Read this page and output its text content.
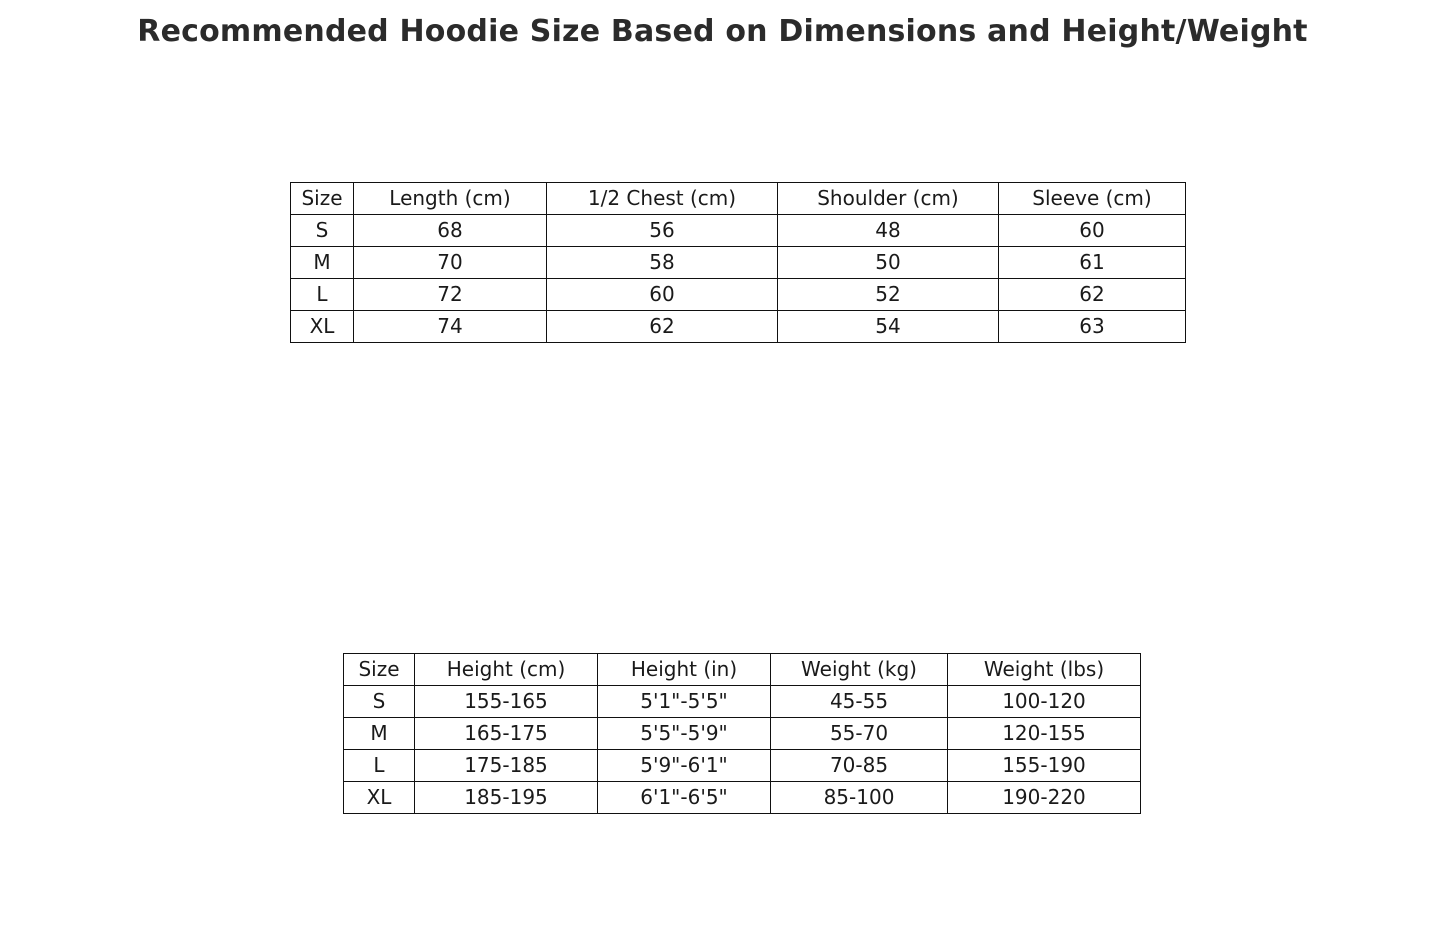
Recommended Hoodie Size Based on Dimensions and Height/Weight
Size	Length (cm)	1/2 Chest (cm)	Shoulder (cm)	Sleeve (cm)
S	68	56	48	60
M	70	58	50	61
L	72	60	52	62
XL	74	62	54	63
Size	Height (cm)	Height (in)	Weight (kg)	Weight (lbs)
S	155-165	5'1"-5'5"	45-55	100-120
M	165-175	5'5"-5'9"	55-70	120-155
L	175-185	5'9"-6'1"	70-85	155-190
XL	185-195	6'1"-6'5"	85-100	190-220
